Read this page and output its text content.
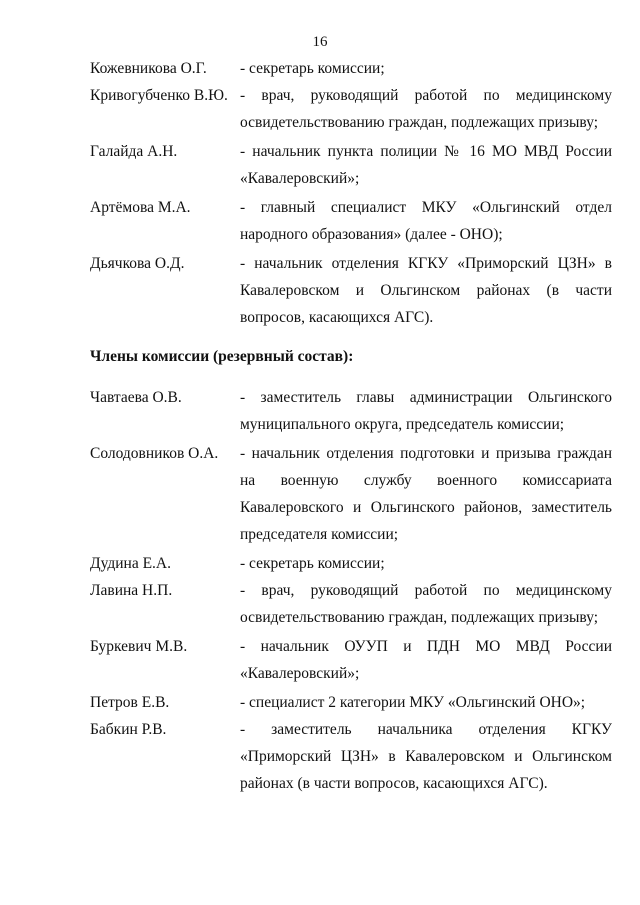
16
Кожевникова О.Г.	- секретарь комиссии;
Кривогубченко В.Ю. - врач, руководящий работой по медицинскому
освидетельствованию граждан, подлежащих призыву;
Галайда А.Н.	- начальник пункта полиции № 16 МО МВД России
«Кавалеровский»;
Артёмова М.А.	- главный специалист МКУ «Ольгинский отдел
народного образования» (далее - ОНО);
Дьячкова О.Д.	- начальник отделения КГКУ «Приморский ЦЗН» в
Кавалеровском и Ольгинском районах (в части
вопросов, касающихся АГС).
Члены комиссии (резервный состав):
Чавтаева О.В.	- заместитель главы администрации Ольгинского
муниципального округа, председатель комиссии;
Солодовников О.А.	- начальник отделения подготовки и призыва граждан
на военную службу военного комиссариата
Кавалеровского и Ольгинского районов, заместитель
председателя комиссии;
Дудина Е.А.	- секретарь комиссии;
Лавина Н.П.	- врач, руководящий работой по медицинскому
освидетельствованию граждан, подлежащих призыву;
Буркевич М.В.	- начальник ОУУП и ПДН МО МВД России
«Кавалеровский»;
Петров Е.В.	- специалист 2 категории МКУ «Ольгинский ОНО»;
Бабкин Р.В.	- заместитель начальника отделения КГКУ
«Приморский ЦЗН» в Кавалеровском и Ольгинском
районах (в части вопросов, касающихся АГС).
